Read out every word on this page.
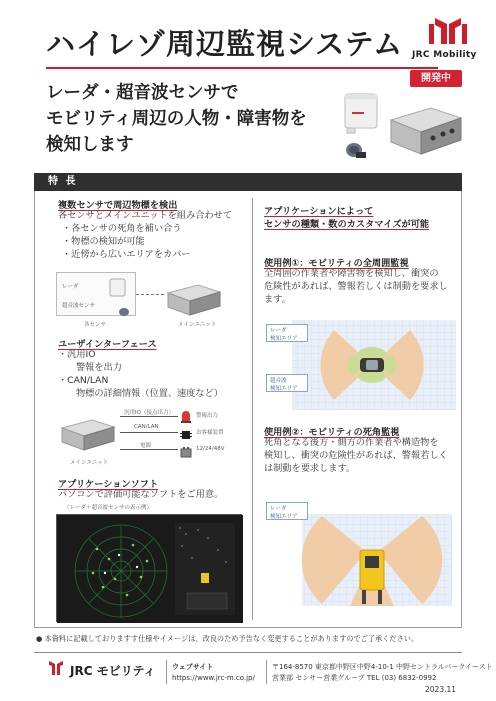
ハイレゾ周辺監視システム JRC Mobility
開発中
レーダ・超音波センサで
モビリティ周辺の人物・障害物を
検知します
特 長
複数センサで周辺物標を検出
各センサとメインユニットを組み合わせて
・各センサの死角を補い合う
・物標の検知が可能
・近傍から広いエリアをカバー
レーダ
超音波センサ
各センサ	メインユニット
ユーザインターフェース
・汎用IO
警報を出力
・CAN/LAN
物標の詳細情報（位置、速度など）
メインユニット
汎用IO（接点出力）
CAN/LAN
電源
警報出力
お客様装置
12/24/48V
アプリケーションソフト
パソコンで評価可能なソフトをご用意。
（レーダ＋超音波センサの表示例）
アプリケーションによって
センサの種類・数のカスタマイズが可能
使用例①：モビリティの全周囲監視
全周囲の作業者や障害物を検知し、衝突の
危険性があれば、警報若しくは制動を要求し
ます。
レーダ
検知エリア
超音波
検知エリア
使用例②：モビリティの死角監視
死角となる後方・側方の作業者や構造物を
検知し、衝突の危険性があれば、警報若しく
は制動を要求します。
レーダ
検知エリア
● 本資料に記載しておりますす仕様やイメージは、改良のため予告なく変更することがありますのでご了承ください。
JRC モビリティ ウェブサイト
https://www.jrc-m.co.jp/
〒164-8570 東京都中野区中野4-10-1 中野セントラルパークイースト
営業部 センサー営業グループ TEL (03) 6832-0992
2023.11
